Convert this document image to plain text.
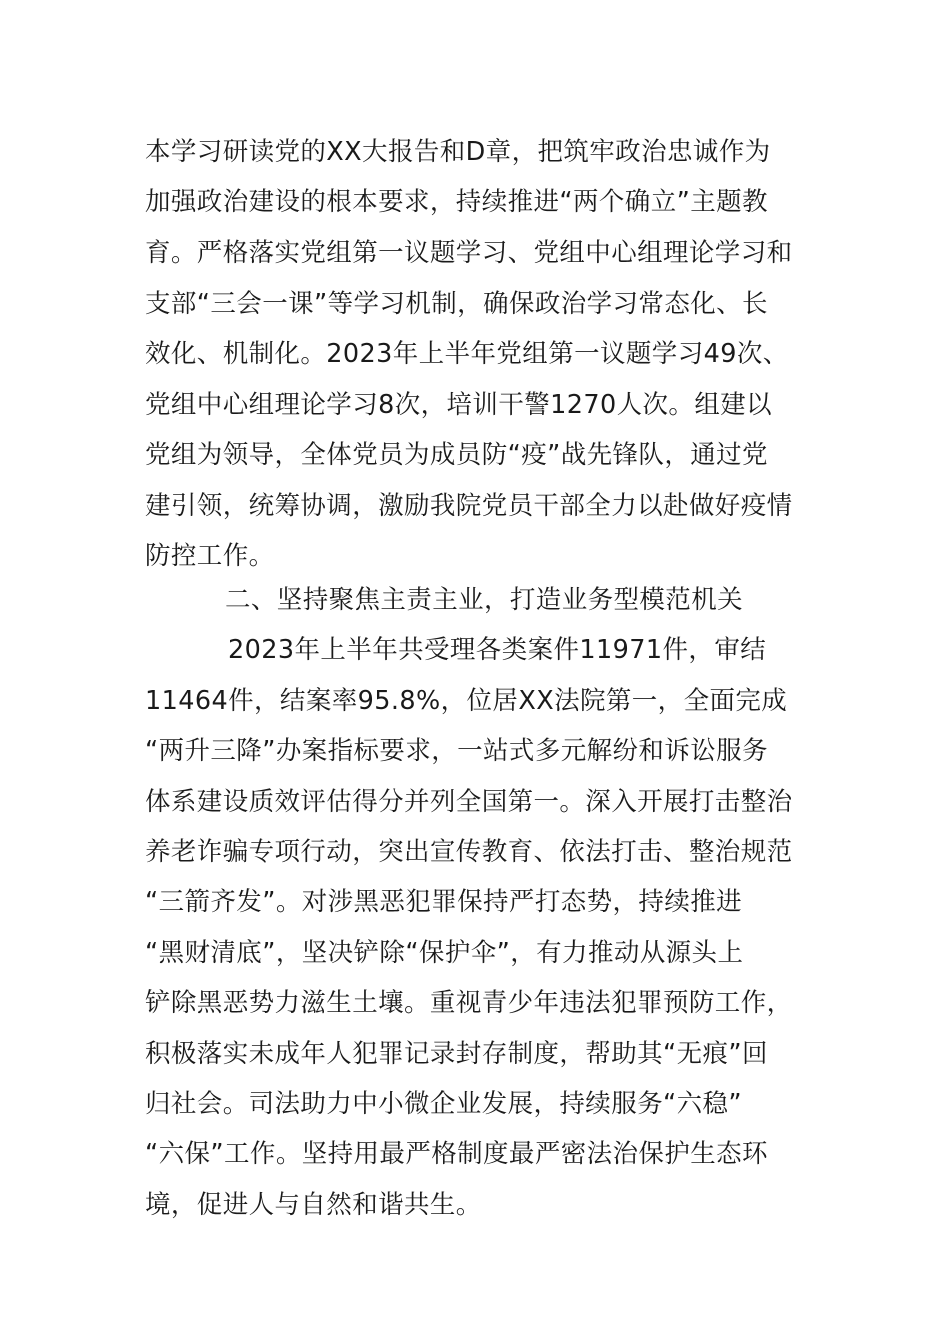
本学习研读党的XX大报告和D章，把筑牢政治忠诚作为
加强政治建设的根本要求，持续推进“两个确立”主题教
育。严格落实党组第一议题学习、党组中心组理论学习和
支部“三会一课”等学习机制，确保政治学习常态化、长
效化、机制化。2023年上半年党组第一议题学习49次、
党组中心组理论学习8次，培训干警1270人次。组建以
党组为领导，全体党员为成员防“疫”战先锋队，通过党
建引领，统筹协调，激励我院党员干部全力以赴做好疫情
防控工作。
二、坚持聚焦主责主业，打造业务型模范机关
2023年上半年共受理各类案件11971件，审结
11464件，结案率95.8%，位居XX法院第一，全面完成
“两升三降”办案指标要求，一站式多元解纷和诉讼服务
体系建设质效评估得分并列全国第一。深入开展打击整治
养老诈骗专项行动，突出宣传教育、依法打击、整治规范
“三箭齐发”。对涉黑恶犯罪保持严打态势，持续推进
“黑财清底”，坚决铲除“保护伞”，有力推动从源头上
铲除黑恶势力滋生土壤。重视青少年违法犯罪预防工作，
积极落实未成年人犯罪记录封存制度，帮助其“无痕”回
归社会。司法助力中小微企业发展，持续服务“六稳”
“六保”工作。坚持用最严格制度最严密法治保护生态环
境，促进人与自然和谐共生。
